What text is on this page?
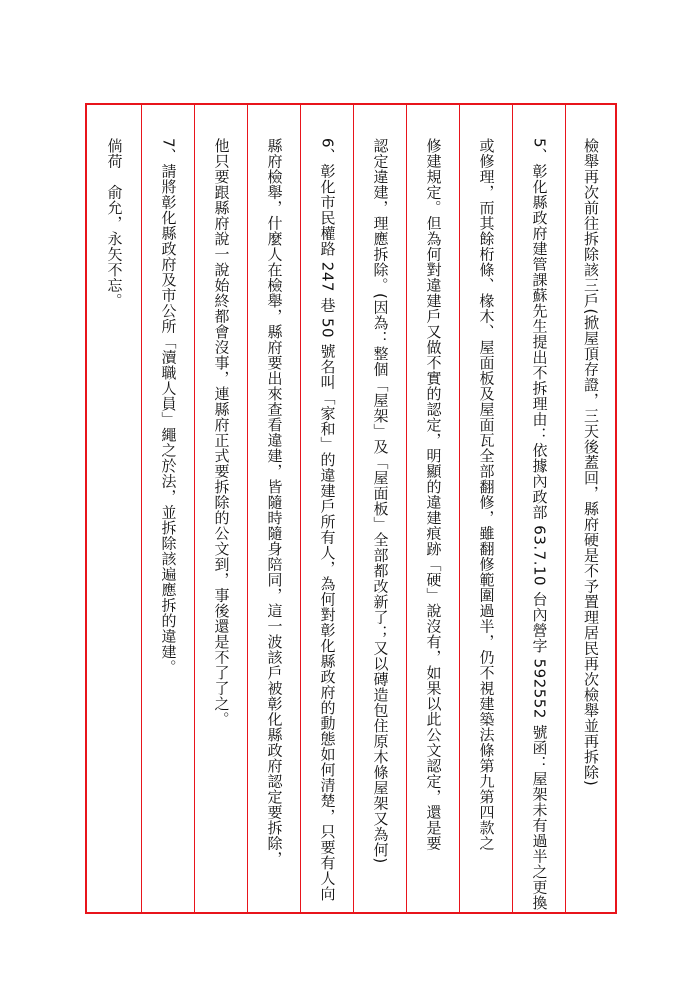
倘荷　俞允，永矢不忘。 7、請將彰化縣政府及市公所「瀆職人員」繩之於法，並拆除該遍應拆的違建。 他只要跟縣府說一說始終都會沒事，連縣府正式要拆除的公文到，事後還是不了了之。 縣府檢舉，什麼人在檢舉，縣府要出來查看違建，皆隨時隨身陪同，這一波該戶被彰化縣政府認定要拆除， 6、彰化市民權路 247 巷 50 號名叫「家和」的違建戶所有人，為何對彰化縣政府的動態如何清楚，只要有人向 認定違建，理應拆除。(因為：整個「屋架」及「屋面板」全部都改新了；又以磚造包住原木條屋架又為何) 修建規定。但為何對違建戶又做不實的認定，明顯的違建痕跡「硬」說沒有，如果以此公文認定，還是要 或修理，而其餘桁條、椽木、屋面板及屋面瓦全部翻修，雖翻修範圍過半，仍不視建築法條第九第四款之 5、彰化縣政府建管課蘇先生提出不拆理由：依據內政部 63.7.10 台內營字 592552 號函：屋架未有過半之更換 檢舉再次前往拆除該三戶(掀屋頂存證，三天後蓋回，縣府硬是不予置理居民再次檢舉並再拆除)
